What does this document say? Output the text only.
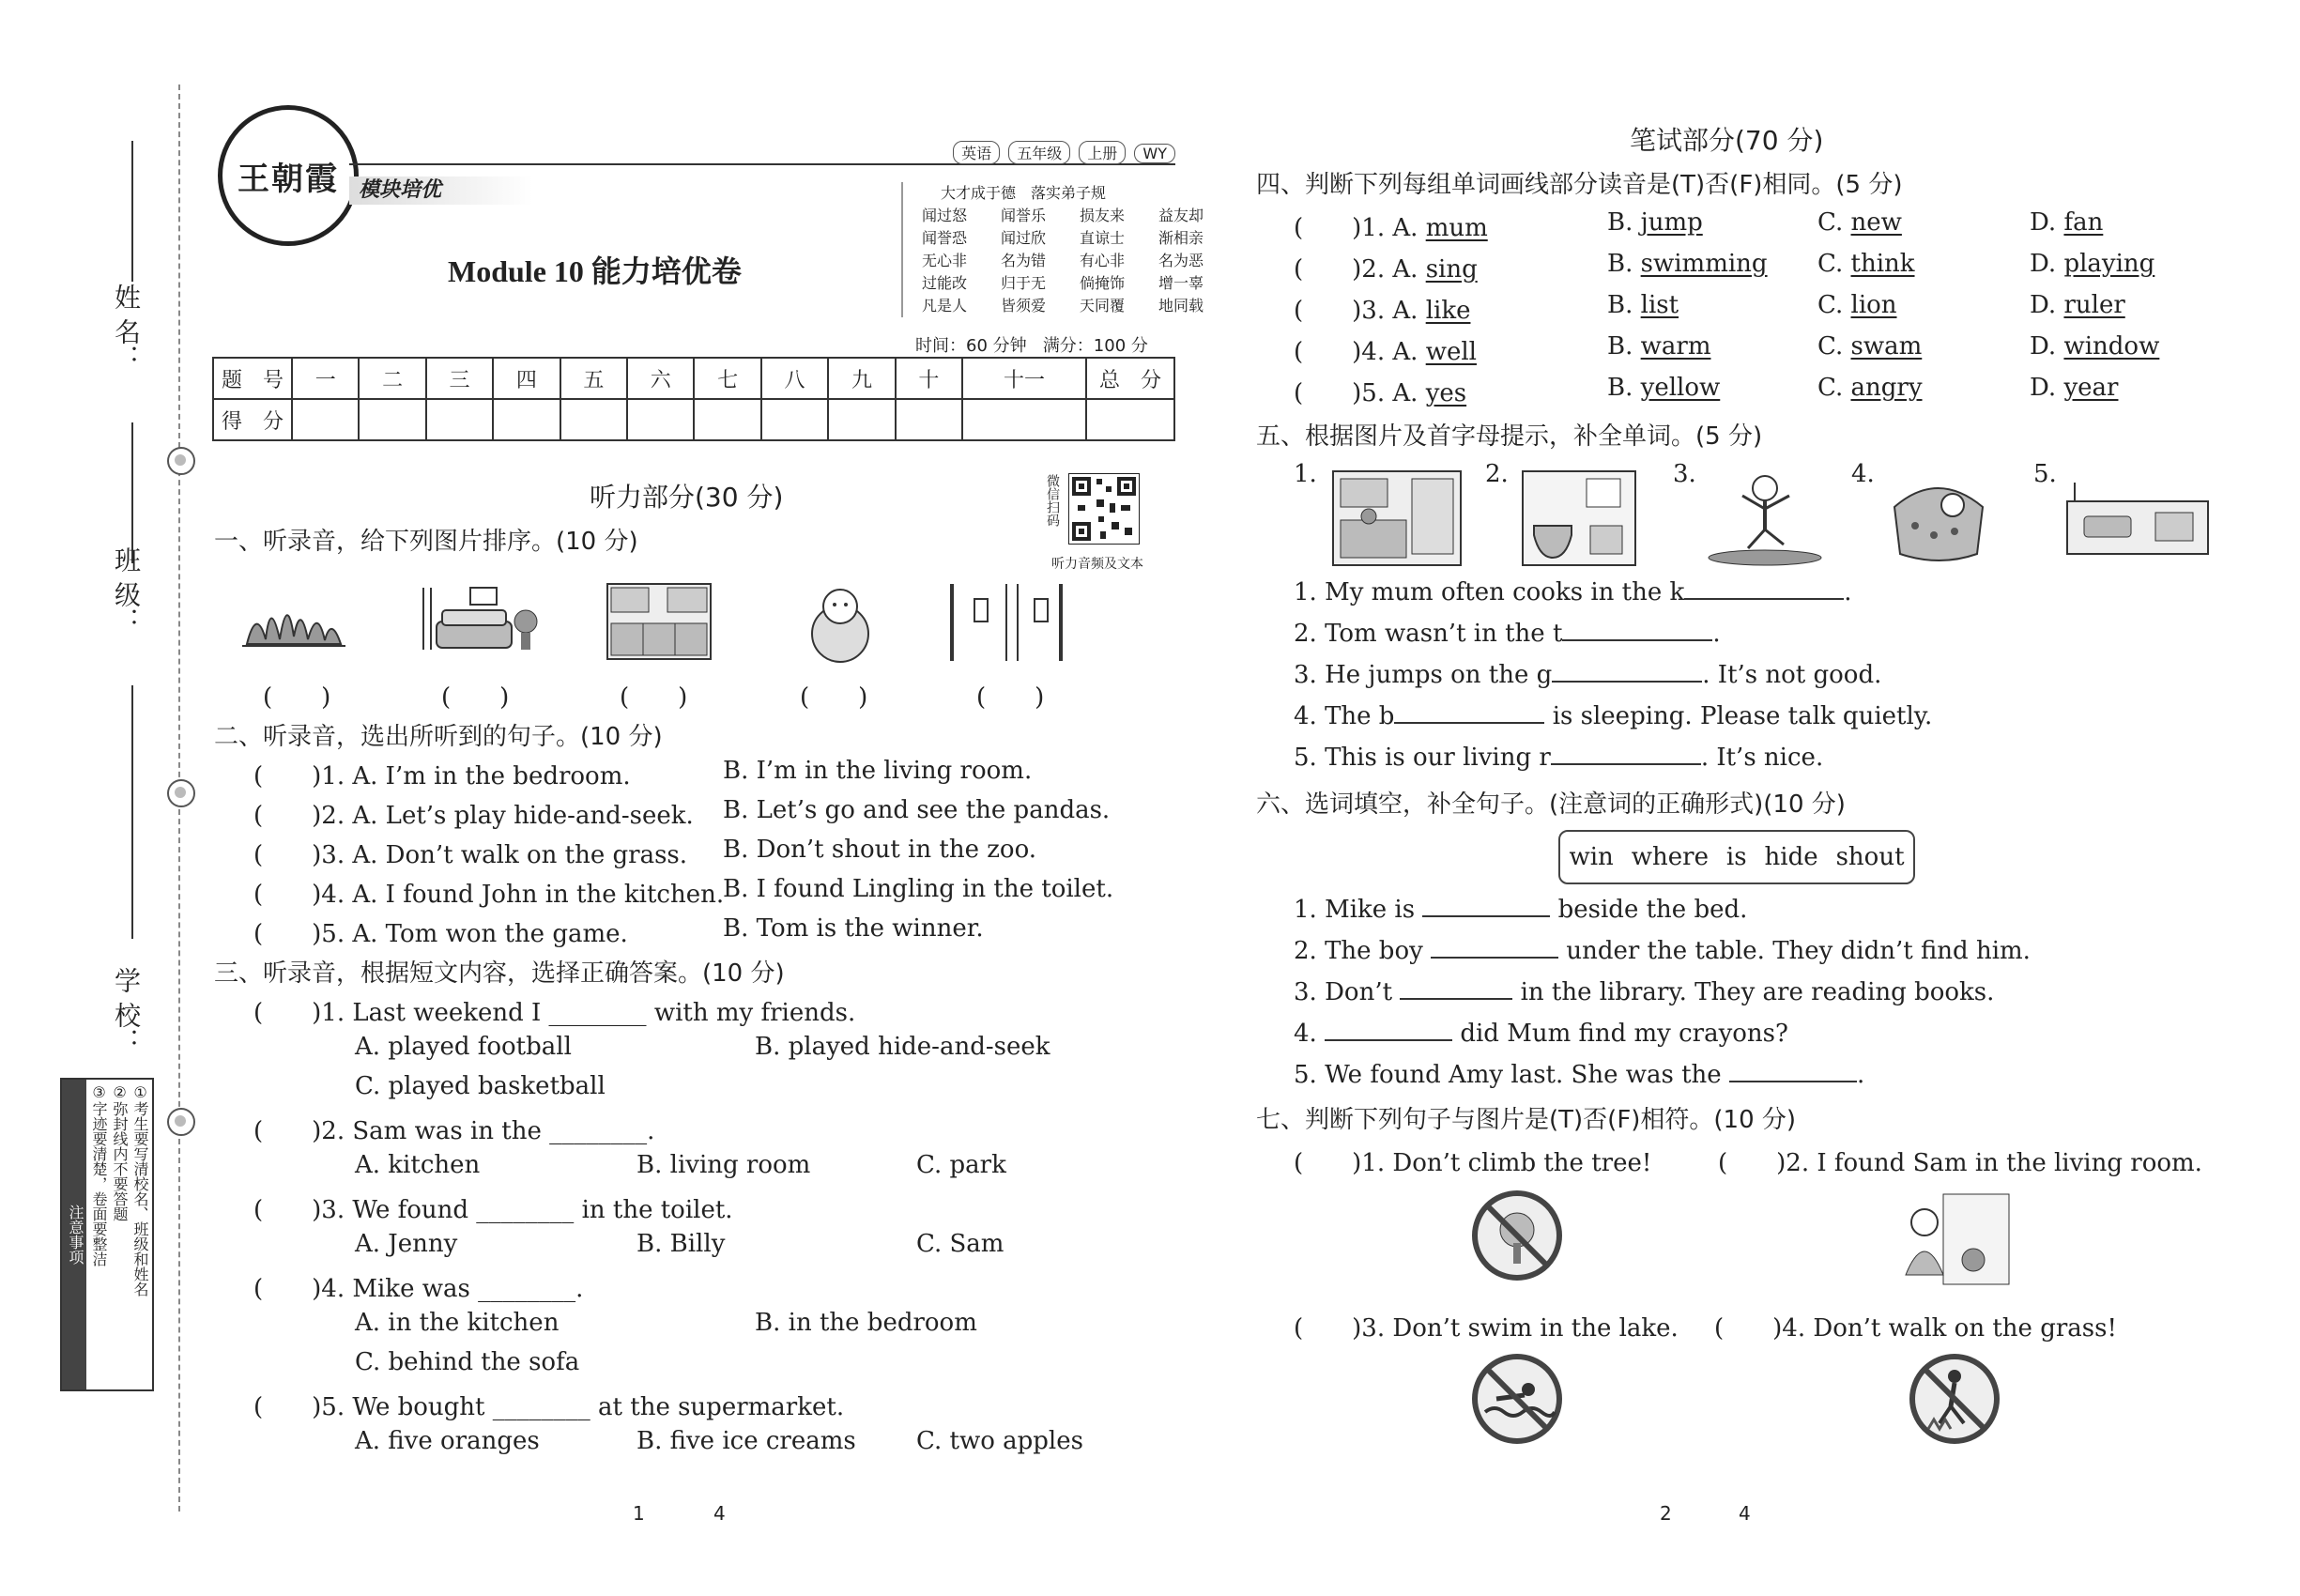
姓 名：
班 级：
学 校：
注意事项	①考生要写清校名、班级和姓名
②弥封线内不要答题
③字迹要清楚，卷面要整洁
王朝霞 模块培优
英语 五年级 上册 WY
Module 10 能力培优卷
大才成于德　落实弟子规
闻过怒 闻誉乐 损友来 益友却
闻誉恐 闻过欣 直谅士 渐相亲
无心非 名为错 有心非 名为恶
过能改 归于无 倘掩饰 增一辜
凡是人 皆须爱 天同覆 地同载
时间：60 分钟 满分：100 分
题　号	一	二	三	四	五	六	七	八	九	十	十一	总　分
得　分												
听力部分(30 分)	微信扫码
听力音频及文本
一、听录音，给下列图片排序。(10 分)
(　　)	(　　)	(　　)	(　　)	(　　)
二、听录音，选出所听到的句子。(10 分)
(　　)1. A. I’m in the bedroom.	B. I’m in the living room.
(　　)2. A. Let’s play hide-and-seek. B. Let’s go and see the pandas.
(　　)3. A. Don’t walk on the grass. B. Don’t shout in the zoo.
(　　)4. A. I found John in the kitchen.
B. I found Lingling in the toilet.
(　　)5. A. Tom won the game.	B. Tom is the winner.
三、听录音，根据短文内容，选择正确答案。(10 分)
(　　)1. Last weekend I ________ with my friends.
A. played football	B. played hide-and-seek
C. played basketball
(　　)2. Sam was in the ________.
A. kitchen	B. living room	C. park
(　　)3. We found ________ in the toilet.
A. Jenny	B. Billy	C. Sam
(　　)4. Mike was ________.
A. in the kitchen	B. in the bedroom
C. behind the sofa
(　　)5. We bought ________ at the supermarket.
A. five oranges	B. five ice creams C. two apples
1	4
笔试部分(70 分)
四、判断下列每组单词画线部分读音是(T)否(F)相同。(5 分)
(　　)1. A. mum	B. jump	C. new	D. fan
(　　)2. A. sing	B. swimming C. think	D. playing
(　　)3. A. like	B. list	C. lion	D. ruler
(　　)4. A. well	B. warm	C. swam	D. window
(　　)5. A. yes	B. yellow	C. angry	D. year
五、根据图片及首字母提示，补全单词。(5 分)
1.	2.	3.	4.	5.
1. My mum often cooks in the k	.
2. Tom wasn’t in the t	.
3. He jumps on the g	. It’s not good.
4. The b	is sleeping. Please talk quietly.
5. This is our living r	. It’s nice.
六、选词填空，补全句子。(注意词的正确形式)(10 分)
win where is hide shout
1. Mike is	beside the bed.
2. The boy	under the table. They didn’t find him.
3. Don’t	in the library. They are reading books.
4.	did Mum find my crayons?
5. We found Amy last. She was the	.
七、判断下列句子与图片是(T)否(F)相符。(10 分)
(　　)1. Don’t climb the tree!	(　　)2. I found Sam in the living room.
(　　)3. Don’t swim in the lake. (　　)4. Don’t walk on the grass!
2	4
